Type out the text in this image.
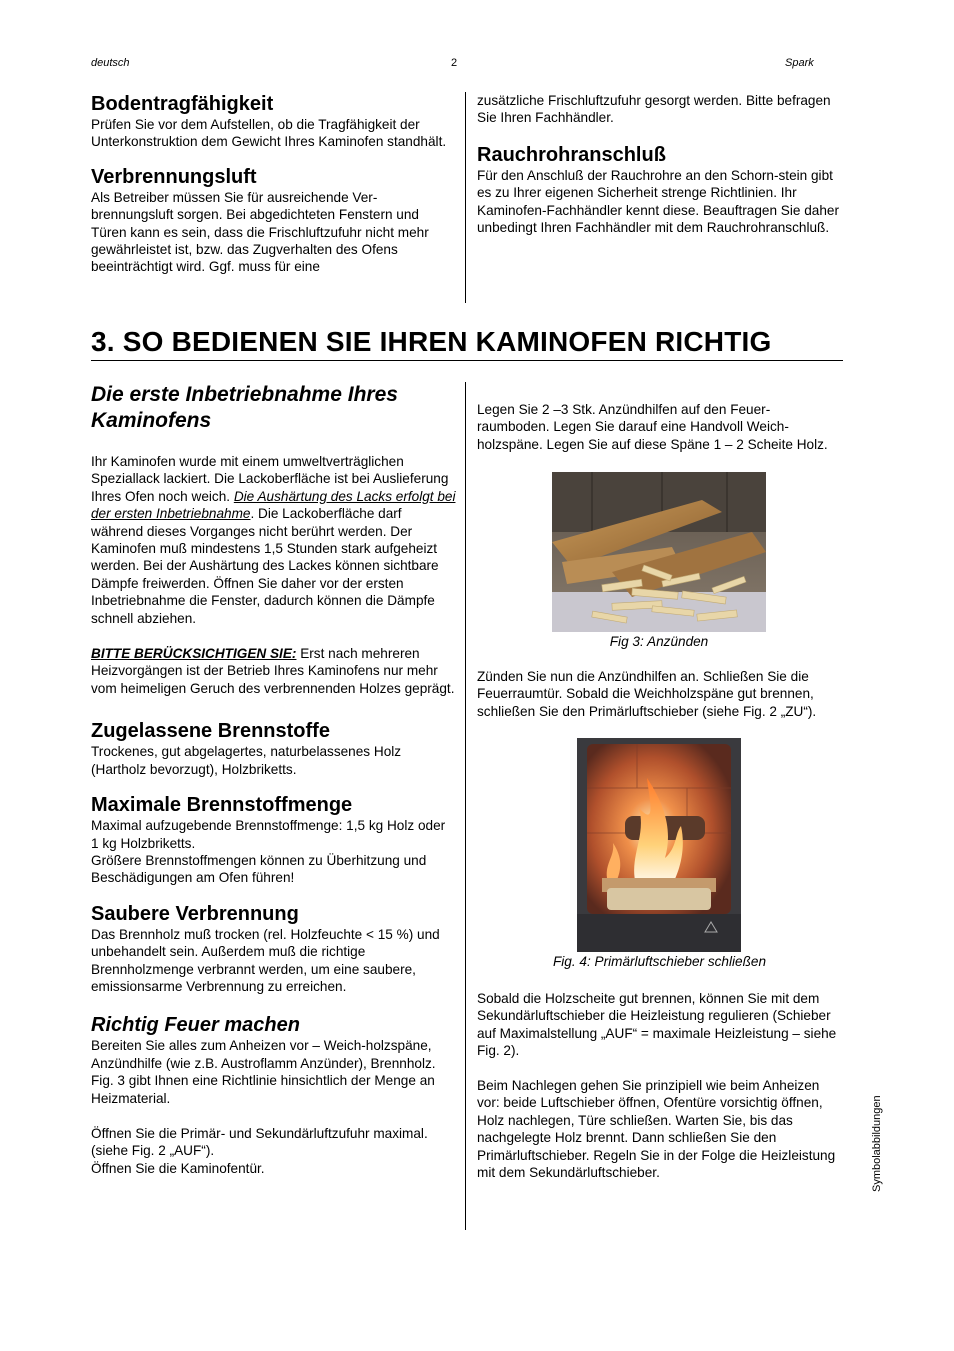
deutsch	2	Spark
Bodentragfähigkeit
Prüfen Sie vor dem Aufstellen, ob die Tragfähigkeit der Unterkonstruktion dem Gewicht Ihres Kaminofen standhält.
Verbrennungsluft
Als Betreiber müssen Sie für ausreichende Ver-brennungsluft sorgen. Bei abgedichteten Fenstern und Türen kann es sein, dass die Frischluftzufuhr nicht mehr gewährleistet ist, bzw. das Zugverhalten des Ofens beeinträchtigt wird. Ggf. muss für eine
zusätzliche Frischluftzufuhr gesorgt werden. Bitte befragen Sie Ihren Fachhändler.
Rauchrohranschluß
Für den Anschluß der Rauchrohre an den Schorn-stein gibt es zu Ihrer eigenen Sicherheit strenge Richtlinien. Ihr Kaminofen-Fachhändler kennt diese. Beauftragen Sie daher unbedingt Ihren Fachhändler mit dem Rauchrohranschluß.
3. SO BEDIENEN SIE IHREN KAMINOFEN RICHTIG
Die erste Inbetriebnahme Ihres Kaminofens
Ihr Kaminofen wurde mit einem umweltverträglichen Speziallack lackiert. Die Lackoberfläche ist bei Auslieferung Ihres Ofen noch weich. Die Aushärtung des Lacks erfolgt bei der ersten Inbetriebnahme. Die Lackoberfläche darf während dieses Vorganges nicht berührt werden. Der Kaminofen muß mindestens 1,5 Stunden stark aufgeheizt werden. Bei der Aushärtung des Lackes können sichtbare Dämpfe freiwerden. Öffnen Sie daher vor der ersten Inbetriebnahme die Fenster, dadurch können die Dämpfe schnell abziehen.
BITTE BERÜCKSICHTIGEN SIE: Erst nach mehreren Heizvorgängen ist der Betrieb Ihres Kaminofens nur mehr vom heimeligen Geruch des verbrennenden Holzes geprägt.
Zugelassene Brennstoffe
Trockenes, gut abgelagertes, naturbelassenes Holz (Hartholz bevorzugt), Holzbriketts.
Maximale Brennstoffmenge
Maximal aufzugebende Brennstoffmenge: 1,5 kg Holz oder 1 kg Holzbriketts.
Größere Brennstoffmengen können zu Überhitzung und Beschädigungen am Ofen führen!
Saubere Verbrennung
Das Brennholz muß trocken (rel. Holzfeuchte < 15 %) und unbehandelt sein. Außerdem muß die richtige Brennholzmenge verbrannt werden, um eine saubere, emissionsarme Verbrennung zu erreichen.
Richtig Feuer machen
Bereiten Sie alles zum Anheizen vor – Weich-holzspäne, Anzündhilfe (wie z.B. Austroflamm Anzünder), Brennholz. Fig. 3 gibt Ihnen eine Richtlinie hinsichtlich der Menge an Heizmaterial.
Öffnen Sie die Primär- und Sekundärluftzufuhr maximal. (siehe Fig. 2 „AUF“).
Öffnen Sie die Kaminofentür.
Legen Sie 2 –3 Stk. Anzündhilfen auf den Feuer-raumboden. Legen Sie darauf eine Handvoll Weich-holzspäne. Legen Sie auf diese Späne 1 – 2 Scheite Holz.
Fig 3: Anzünden
Zünden Sie nun die Anzündhilfen an. Schließen Sie die Feuerraumtür. Sobald die Weichholzspäne gut brennen, schließen Sie den Primärluftschieber (siehe Fig. 2 „ZU“).
Fig. 4: Primärluftschieber schließen
Sobald die Holzscheite gut brennen, können Sie mit dem Sekundärluftschieber die Heizleistung regulieren (Schieber auf Maximalstellung „AUF“ = maximale Heizleistung – siehe Fig. 2).
Beim Nachlegen gehen Sie prinzipiell wie beim Anheizen vor: beide Luftschieber öffnen, Ofentüre vorsichtig öffnen, Holz nachlegen, Türe schließen. Warten Sie, bis das nachgelegte Holz brennt. Dann schließen Sie den Primärluftschieber. Regeln Sie in der Folge die Heizleistung mit dem Sekundärluftschieber.	Symbolabbildungen
